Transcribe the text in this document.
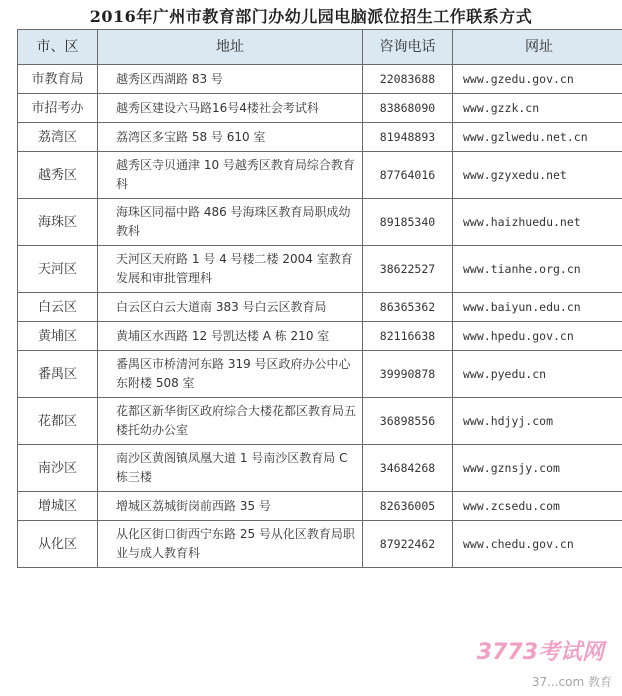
2016年广州市教育部门办幼儿园电脑派位招生工作联系方式
市、区	地址	咨询电话	网址
市教育局	越秀区西湖路 83 号	22083688	www.gzedu.gov.cn
市招考办	越秀区建设六马路16号4楼社会考试科	83868090	www.gzzk.cn
荔湾区	荔湾区多宝路 58 号 610 室	81948893	www.gzlwedu.net.cn
越秀区	越秀区寺贝通津 10 号越秀区教育局综合教育科	87764016	www.gzyxedu.net
海珠区	海珠区同福中路 486 号海珠区教育局职成幼教科	89185340	www.haizhuedu.net
天河区	天河区天府路 1 号 4 号楼二楼 2004 室教育发展和审批管理科	38622527	www.tianhe.org.cn
白云区	白云区白云大道南 383 号白云区教育局	86365362	www.baiyun.edu.cn
黄埔区	黄埔区水西路 12 号凯达楼 A 栋 210 室	82116638	www.hpedu.gov.cn
番禺区	番禺区市桥清河东路 319 号区政府办公中心东附楼 508 室	39990878	www.pyedu.cn
花都区	花都区新华街区政府综合大楼花都区教育局五楼托幼办公室	36898556	www.hdjyj.com
南沙区	南沙区黄阁镇凤凰大道 1 号南沙区教育局 C 栋三楼	34684268	www.gznsjy.com
增城区	增城区荔城街岗前西路 35 号	82636005	www.zcsedu.com
从化区	从化区街口街西宁东路 25 号从化区教育局职业与成人教育科	87922462	www.chedu.gov.cn
3773考试网
37...com 教育
